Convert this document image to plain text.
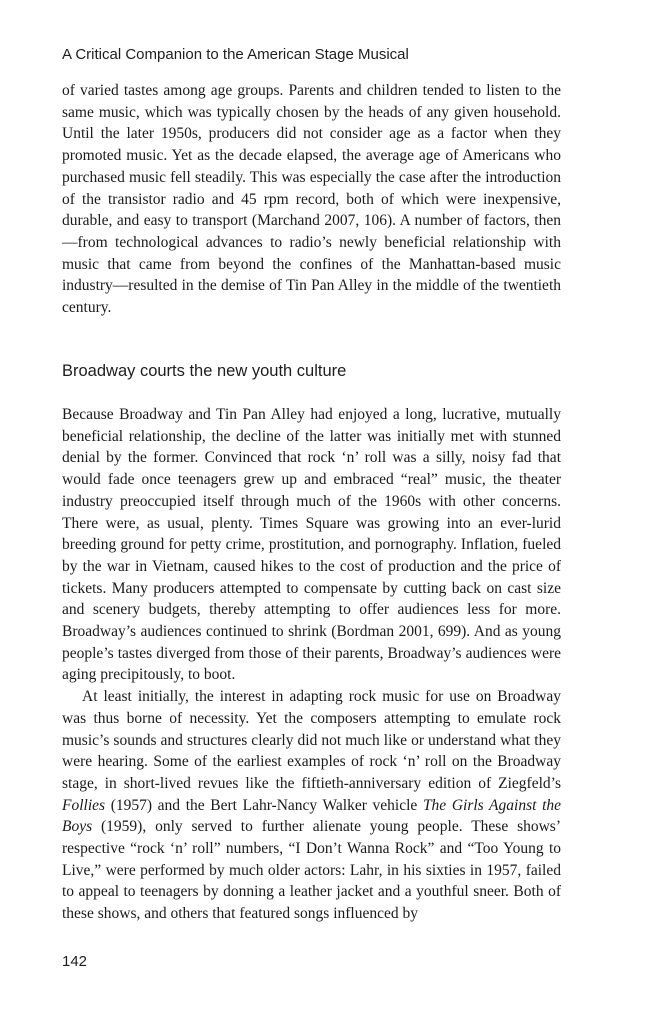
A Critical Companion to the American Stage Musical

of varied tastes among age groups. Parents and children tended to listen to the same music, which was typically chosen by the heads of any given household. Until the later 1950s, producers did not consider age as a factor when they promoted music. Yet as the decade elapsed, the average age of Americans who purchased music fell steadily. This was especially the case after the introduction of the transistor radio and 45 rpm record, both of which were inexpensive, durable, and easy to transport (Marchand 2007, 106). A number of factors, then—from technological advances to radio’s newly beneficial relationship with music that came from beyond the confines of the Manhattan-based music industry—resulted in the demise of Tin Pan Alley in the middle of the twentieth century.

Broadway courts the new youth culture

Because Broadway and Tin Pan Alley had enjoyed a long, lucrative, mutually beneficial relationship, the decline of the latter was initially met with stunned denial by the former. Convinced that rock ‘n’ roll was a silly, noisy fad that would fade once teenagers grew up and embraced “real” music, the theater industry preoccupied itself through much of the 1960s with other concerns. There were, as usual, plenty. Times Square was growing into an ever-lurid breeding ground for petty crime, prostitution, and pornography. Inflation, fueled by the war in Vietnam, caused hikes to the cost of production and the price of tickets. Many producers attempted to compensate by cutting back on cast size and scenery budgets, thereby attempting to offer audiences less for more. Broadway’s audiences continued to shrink (Bordman 2001, 699). And as young people’s tastes diverged from those of their parents, Broadway’s audiences were aging precipitously, to boot.

At least initially, the interest in adapting rock music for use on Broadway was thus borne of necessity. Yet the composers attempting to emulate rock music’s sounds and structures clearly did not much like or understand what they were hearing. Some of the earliest examples of rock ‘n’ roll on the Broadway stage, in short-lived revues like the fiftieth-anniversary edition of Ziegfeld’s Follies (1957) and the Bert Lahr-Nancy Walker vehicle The Girls Against the Boys (1959), only served to further alienate young people. These shows’ respective “rock ‘n’ roll” numbers, “I Don’t Wanna Rock” and “Too Young to Live,” were performed by much older actors: Lahr, in his sixties in 1957, failed to appeal to teenagers by donning a leather jacket and a youthful sneer. Both of these shows, and others that featured songs influenced by

142
